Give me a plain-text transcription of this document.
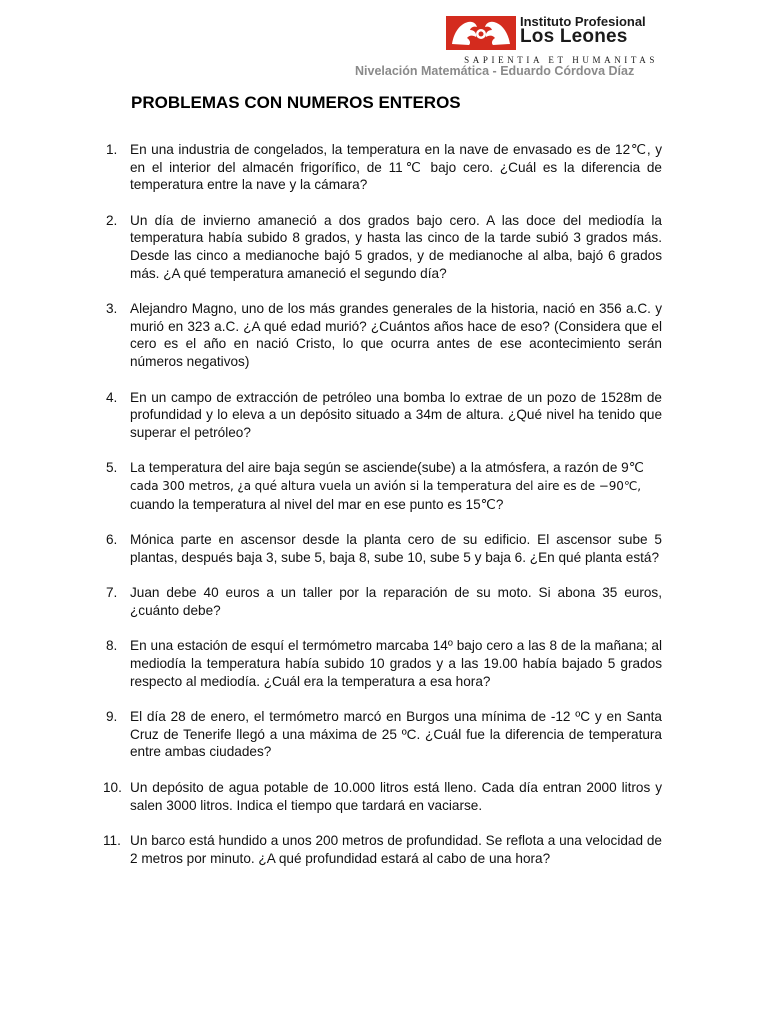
Instituto Profesional
Los Leones
SAPIENTIA ET HUMANITAS
Nivelación Matemática - Eduardo Córdova Díaz
PROBLEMAS CON NUMEROS ENTEROS
1. En una industria de congelados, la temperatura en la nave de envasado es de 12℃, y en el interior del almacén frigorífico, de 11℃ bajo cero. ¿Cuál es la diferencia de temperatura entre la nave y la cámara?
2. Un día de invierno amaneció a dos grados bajo cero. A las doce del mediodía la temperatura había subido 8 grados, y hasta las cinco de la tarde subió 3 grados más. Desde las cinco a medianoche bajó 5 grados, y de medianoche al alba, bajó 6 grados más. ¿A qué temperatura amaneció el segundo día?
3. Alejandro Magno, uno de los más grandes generales de la historia, nació en 356 a.C. y murió en 323 a.C. ¿A qué edad murió? ¿Cuántos años hace de eso? (Considera que el cero es el año en nació Cristo, lo que ocurra antes de ese acontecimiento serán números negativos)
4. En un campo de extracción de petróleo una bomba lo extrae de un pozo de 1528m de profundidad y lo eleva a un depósito situado a 34m de altura. ¿Qué nivel ha tenido que superar el petróleo?
5. La temperatura del aire baja según se asciende(sube) a la atmósfera, a razón de 9℃
cada 300 metros, ¿a qué altura vuela un avión si la temperatura del aire es de −90℃,
cuando la temperatura al nivel del mar en ese punto es 15℃?
6. Mónica parte en ascensor desde la planta cero de su edificio. El ascensor sube 5 plantas, después baja 3, sube 5, baja 8, sube 10, sube 5 y baja 6. ¿En qué planta está?
7. Juan debe 40 euros a un taller por la reparación de su moto. Si abona 35 euros, ¿cuánto debe?
8. En una estación de esquí el termómetro marcaba 14º bajo cero a las 8 de la mañana; al mediodía la temperatura había subido 10 grados y a las 19.00 había bajado 5 grados respecto al mediodía. ¿Cuál era la temperatura a esa hora?
9. El día 28 de enero, el termómetro marcó en Burgos una mínima de -12 ºC y en Santa Cruz de Tenerife llegó a una máxima de 25 ºC. ¿Cuál fue la diferencia de temperatura entre ambas ciudades?
10. Un depósito de agua potable de 10.000 litros está lleno. Cada día entran 2000 litros y salen 3000 litros. Indica el tiempo que tardará en vaciarse.
11. Un barco está hundido a unos 200 metros de profundidad. Se reflota a una velocidad de 2 metros por minuto. ¿A qué profundidad estará al cabo de una hora?
